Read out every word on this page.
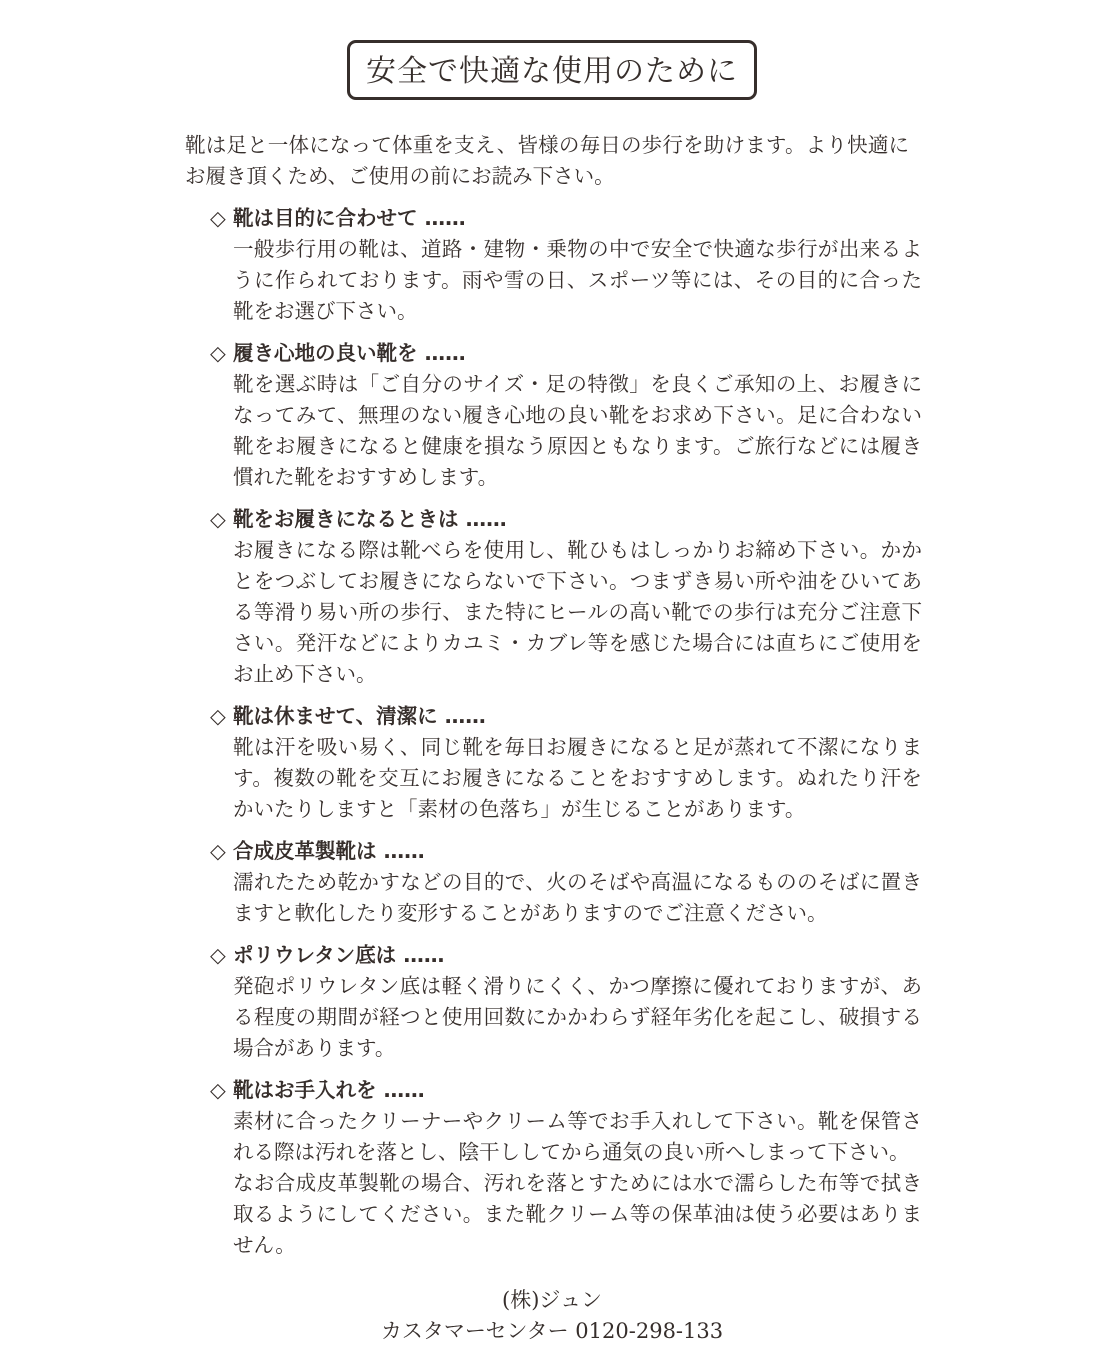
安全で快適な使用のために

靴は足と一体になって体重を支え、皆様の毎日の歩行を助けます。より快適にお履き頂くため、ご使用の前にお読み下さい。

◇ 靴は目的に合わせて ……

一般歩行用の靴は、道路・建物・乗物の中で安全で快適な歩行が出来るように作られております。雨や雪の日、スポーツ等には、その目的に合った靴をお選び下さい。

◇ 履き心地の良い靴を ……

靴を選ぶ時は「ご自分のサイズ・足の特徴」を良くご承知の上、お履きになってみて、無理のない履き心地の良い靴をお求め下さい。足に合わない靴をお履きになると健康を損なう原因ともなります。ご旅行などには履き慣れた靴をおすすめします。

◇ 靴をお履きになるときは ……

お履きになる際は靴べらを使用し、靴ひもはしっかりお締め下さい。かかとをつぶしてお履きにならないで下さい。つまずき易い所や油をひいてある等滑り易い所の歩行、また特にヒールの高い靴での歩行は充分ご注意下さい。発汗などによりカユミ・カブレ等を感じた場合には直ちにご使用をお止め下さい。

◇ 靴は休ませて、清潔に ……

靴は汗を吸い易く、同じ靴を毎日お履きになると足が蒸れて不潔になります。複数の靴を交互にお履きになることをおすすめします。ぬれたり汗をかいたりしますと「素材の色落ち」が生じることがあります。

◇ 合成皮革製靴は ……

濡れたため乾かすなどの目的で、火のそばや高温になるもののそばに置きますと軟化したり変形することがありますのでご注意ください。

◇ ポリウレタン底は ……

発砲ポリウレタン底は軽く滑りにくく、かつ摩擦に優れておりますが、ある程度の期間が経つと使用回数にかかわらず経年劣化を起こし、破損する場合があります。

◇ 靴はお手入れを ……

素材に合ったクリーナーやクリーム等でお手入れして下さい。靴を保管される際は汚れを落とし、陰干ししてから通気の良い所へしまって下さい。

なお合成皮革製靴の場合、汚れを落とすためには水で濡らした布等で拭き取るようにしてください。また靴クリーム等の保革油は使う必要はありません。

(株)ジュン
カスタマーセンター 0120-298-133
